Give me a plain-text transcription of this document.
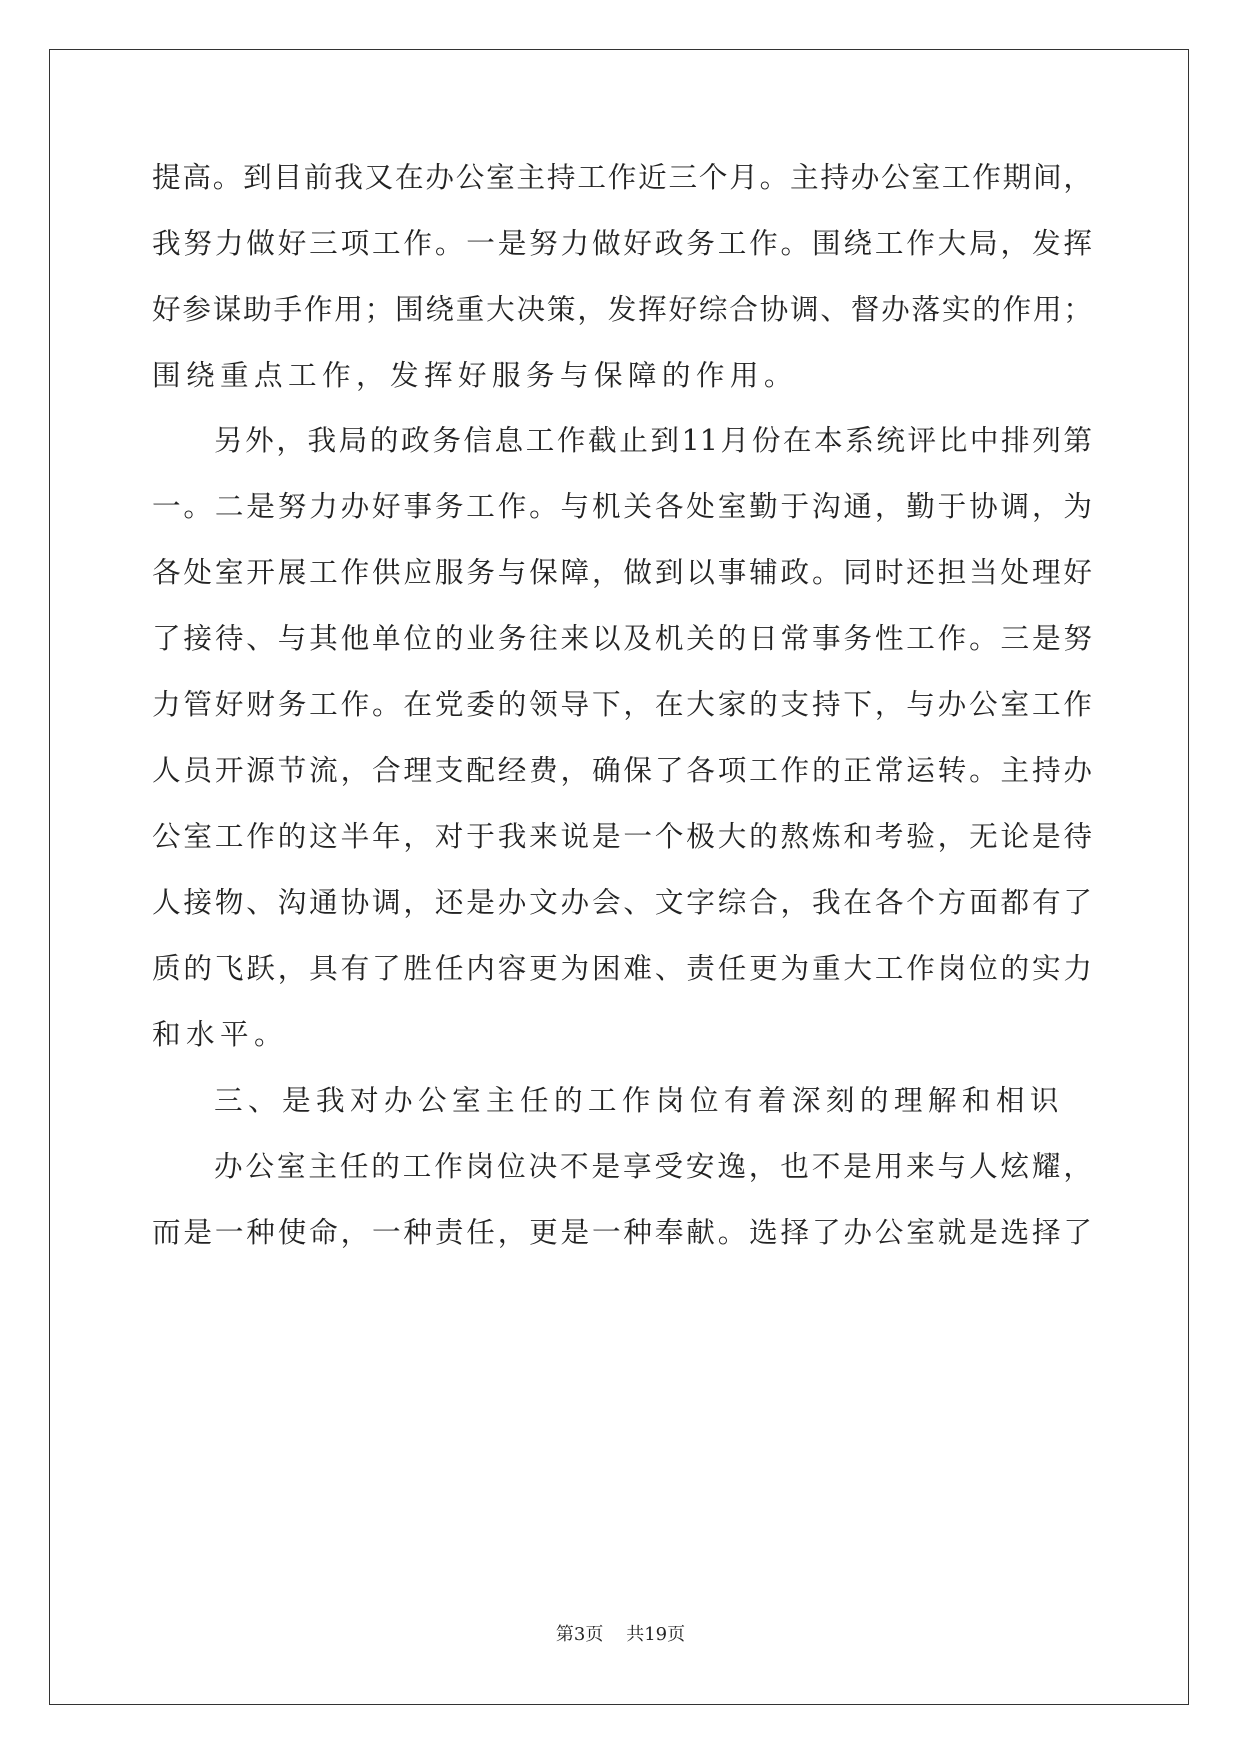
提高。到目前我又在办公室主持工作近三个月。主持办公室工作期间，
我努力做好三项工作。一是努力做好政务工作。围绕工作大局，发挥
好参谋助手作用；围绕重大决策，发挥好综合协调、督办落实的作用；
围绕重点工作，发挥好服务与保障的作用。
另外，我局的政务信息工作截止到11月份在本系统评比中排列第
一。二是努力办好事务工作。与机关各处室勤于沟通，勤于协调，为
各处室开展工作供应服务与保障，做到以事辅政。同时还担当处理好
了接待、与其他单位的业务往来以及机关的日常事务性工作。三是努
力管好财务工作。在党委的领导下，在大家的支持下，与办公室工作
人员开源节流，合理支配经费，确保了各项工作的正常运转。主持办
公室工作的这半年，对于我来说是一个极大的熬炼和考验，无论是待
人接物、沟通协调，还是办文办会、文字综合，我在各个方面都有了
质的飞跃，具有了胜任内容更为困难、责任更为重大工作岗位的实力
和水平。
三、是我对办公室主任的工作岗位有着深刻的理解和相识
办公室主任的工作岗位决不是享受安逸，也不是用来与人炫耀，
而是一种使命，一种责任，更是一种奉献。选择了办公室就是选择了
第3页 共19页
